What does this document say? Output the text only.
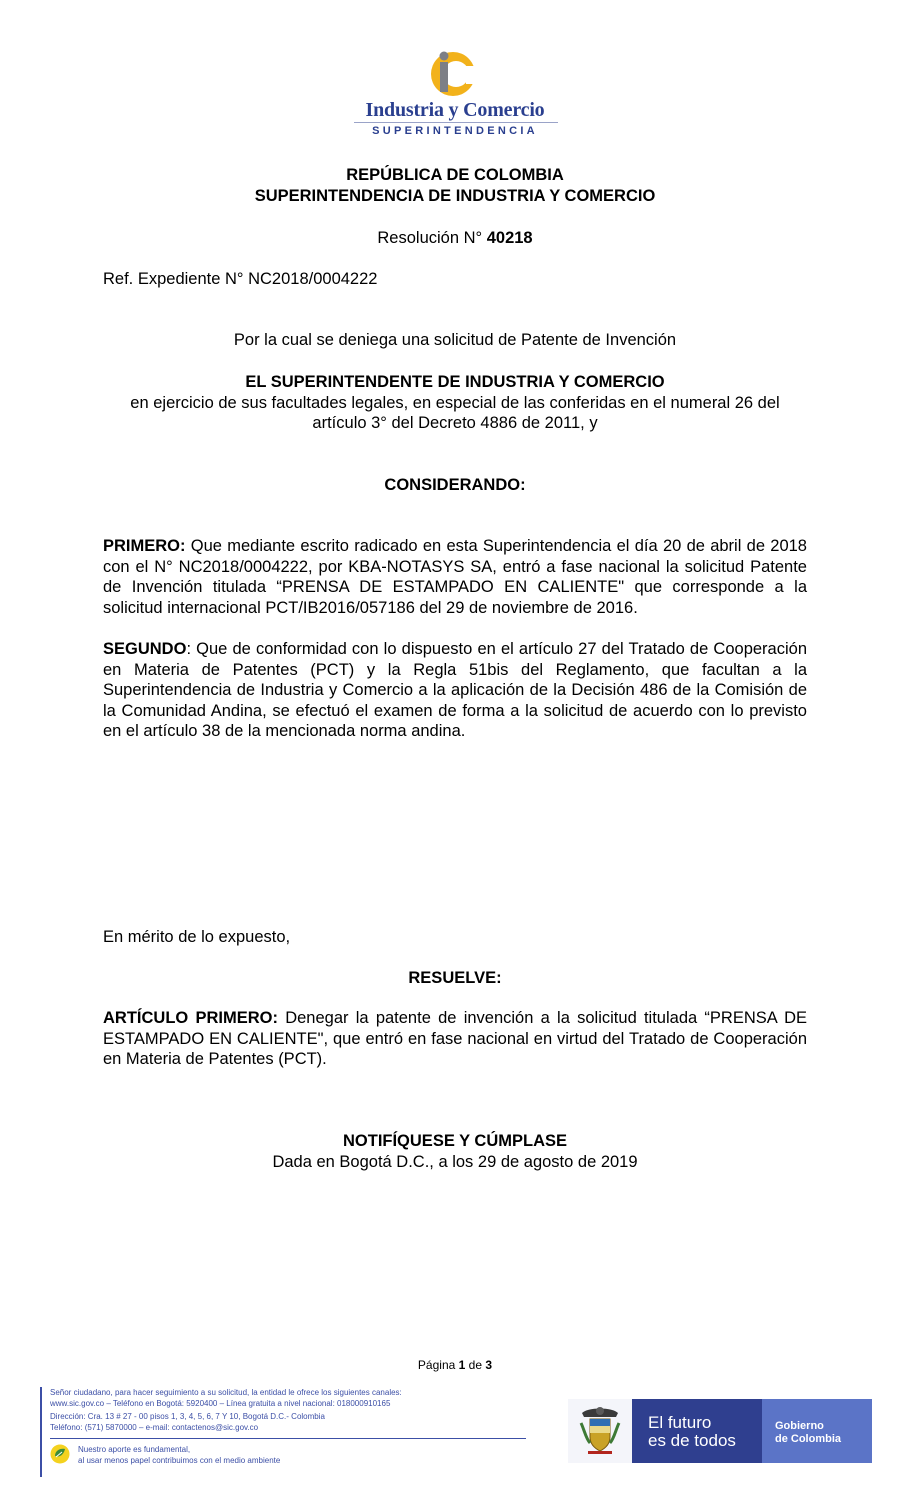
Industria y Comercio
SUPERINTENDENCIA
REPÚBLICA DE COLOMBIA
SUPERINTENDENCIA DE INDUSTRIA Y COMERCIO
Resolución N° 40218
Ref. Expediente N° NC2018/0004222
Por la cual se deniega una solicitud de Patente de Invención
EL SUPERINTENDENTE DE INDUSTRIA Y COMERCIO
en ejercicio de sus facultades legales, en especial de las conferidas en el numeral 26 del
artículo 3° del Decreto 4886 de 2011, y
CONSIDERANDO:
PRIMERO: Que mediante escrito radicado en esta Superintendencia el día 20 de abril de 2018 con el N° NC2018/0004222, por KBA-NOTASYS SA, entró a fase nacional la solicitud Patente de Invención titulada “PRENSA DE ESTAMPADO EN CALIENTE" que corresponde a la solicitud internacional PCT/IB2016/057186 del 29 de noviembre de 2016.
SEGUNDO: Que de conformidad con lo dispuesto en el artículo 27 del Tratado de Cooperación en Materia de Patentes (PCT) y la Regla 51bis del Reglamento, que facultan a la Superintendencia de Industria y Comercio a la aplicación de la Decisión 486 de la Comisión de la Comunidad Andina, se efectuó el examen de forma a la solicitud de acuerdo con lo previsto en el artículo 38 de la mencionada norma andina.
En mérito de lo expuesto,
RESUELVE:
ARTÍCULO PRIMERO: Denegar la patente de invención a la solicitud titulada “PRENSA DE ESTAMPADO EN CALIENTE", que entró en fase nacional en virtud del Tratado de Cooperación en Materia de Patentes (PCT).
NOTIFÍQUESE Y CÚMPLASE
Dada en Bogotá D.C., a los 29 de agosto de 2019
Página 1 de 3
Señor ciudadano, para hacer seguimiento a su solicitud, la entidad le ofrece los siguientes canales:
www.sic.gov.co – Teléfono en Bogotá: 5920400 – Línea gratuita a nivel nacional: 018000910165
Dirección: Cra. 13 # 27 - 00 pisos 1, 3, 4, 5, 6, 7 Y 10, Bogotá D.C.- Colombia
Teléfono: (571) 5870000 – e-mail: contactenos@sic.gov.co
Nuestro aporte es fundamental,
al usar menos papel contribuimos con el medio ambiente
El futuro
es de todos
Gobierno
de Colombia
